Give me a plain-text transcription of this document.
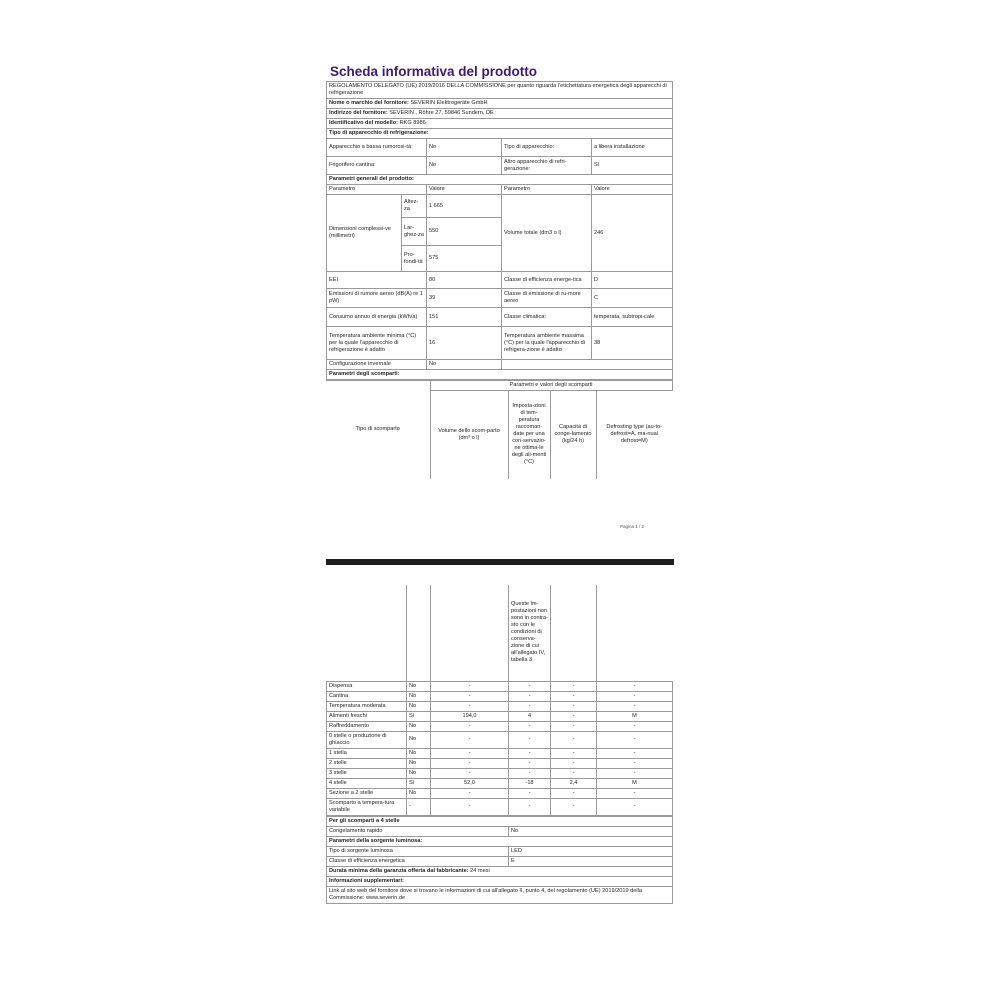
Scheda informativa del prodotto
REGOLAMENTO DELEGATO (UE) 2019/2016 DELLA COMMISSIONE per quanto riguarda l'etichettatura energetica degli apparecchi di refrigerazione				
Nome o marchio del fornitore: SEVERIN Elektrogeräte GmbH				
Indirizzo del fornitore: SEVERIN , Röhre 27, 59846 Sundern, DE				
Identificativo del modello: RKG 8986				
Tipo di apparecchio di refrigerazione:				
Apparecchio a bassa rumorosi-tà:		No	Tipo di apparecchio:	a libera installazione
Frigorifero cantina:		No	Altro apparecchio di refri-gerazione:	Sì
Parametri generali del prodotto:				
Parametro		Valore	Parametro	Valore
Dimensioni complessi-ve (millimetri)	Altez-za	1 665	Volume totale (dm3 o l)	246
	Lar-ghez-za	550		
	Pro-fondi-tà	575		
EEI		80	Classe di efficienza energe-tica	D
Emissioni di rumore aereo (dB(A) re 1 pW)		39	Classe di emissione di ru-more aereo	C
Consumo annuo di energia (kWh/a)		151	Classe climatica:	temperata, subtropi-cale
Temperatura ambiente minima (°C) per la quale l'apparecchio di refrigerazione è adatto		16	Temperatura ambiente massima (°C) per la quale l'apparecchio di refrigera-zione è adatto	38
Configurazione invernale		No		
Parametri degli scomparti:				
Tipo di scomparto	Parametri e valori degli scomparti			
	Volume dello scom-parto (dm³ o l)	Imposta-zioni di tem-peratura raccoman-date per una con-servazio-ne ottima-le degli ali-menti (°C)	Capacità di conge-lamento (kg/24 h)	Defrosting type (au-to-defrost=A, ma-nual defrost=M)
Pagina 1 / 2
			Queste im-postazioni non sono in contra-sto con le condizioni di conserva-zione di cui all'allegato IV, tabella 3		
Dispensa	No	-	-	-	-
Cantina	No	-	-	-	-
Temperatura moderata	No	-	-	-	-
Alimenti freschi	Sì	194,0	4	-	M
Raffreddamento	No	-	-	-	-
0 stelle o produzione di ghiaccio	No	-	-	-	-
1 stella	No	-	-	-	-
2 stelle	No	-	-	-	-
3 stelle	No	-	-	-	-
4 stelle	Sì	52,0	-18	2,4	M
Sezione a 2 stelle	No	-	-	-	-
Scomparto a tempera-tura variabile	-	-	-	-	-
Per gli scomparti a 4 stelle	
Congelamento rapido	No
Parametri della sorgente luminosa:	
Tipo di sorgente luminosa	LED
Classe di efficienza energetica	E
Durata minima della garanzia offerta dal fabbricante: 24 mesi	
Informazioni supplementari:	
Link al sito web del fornitore dove si trovano le informazioni di cui all'allegato II, punto 4, del regolamento (UE) 2019/2019 della Commissione: www.severin.de	
